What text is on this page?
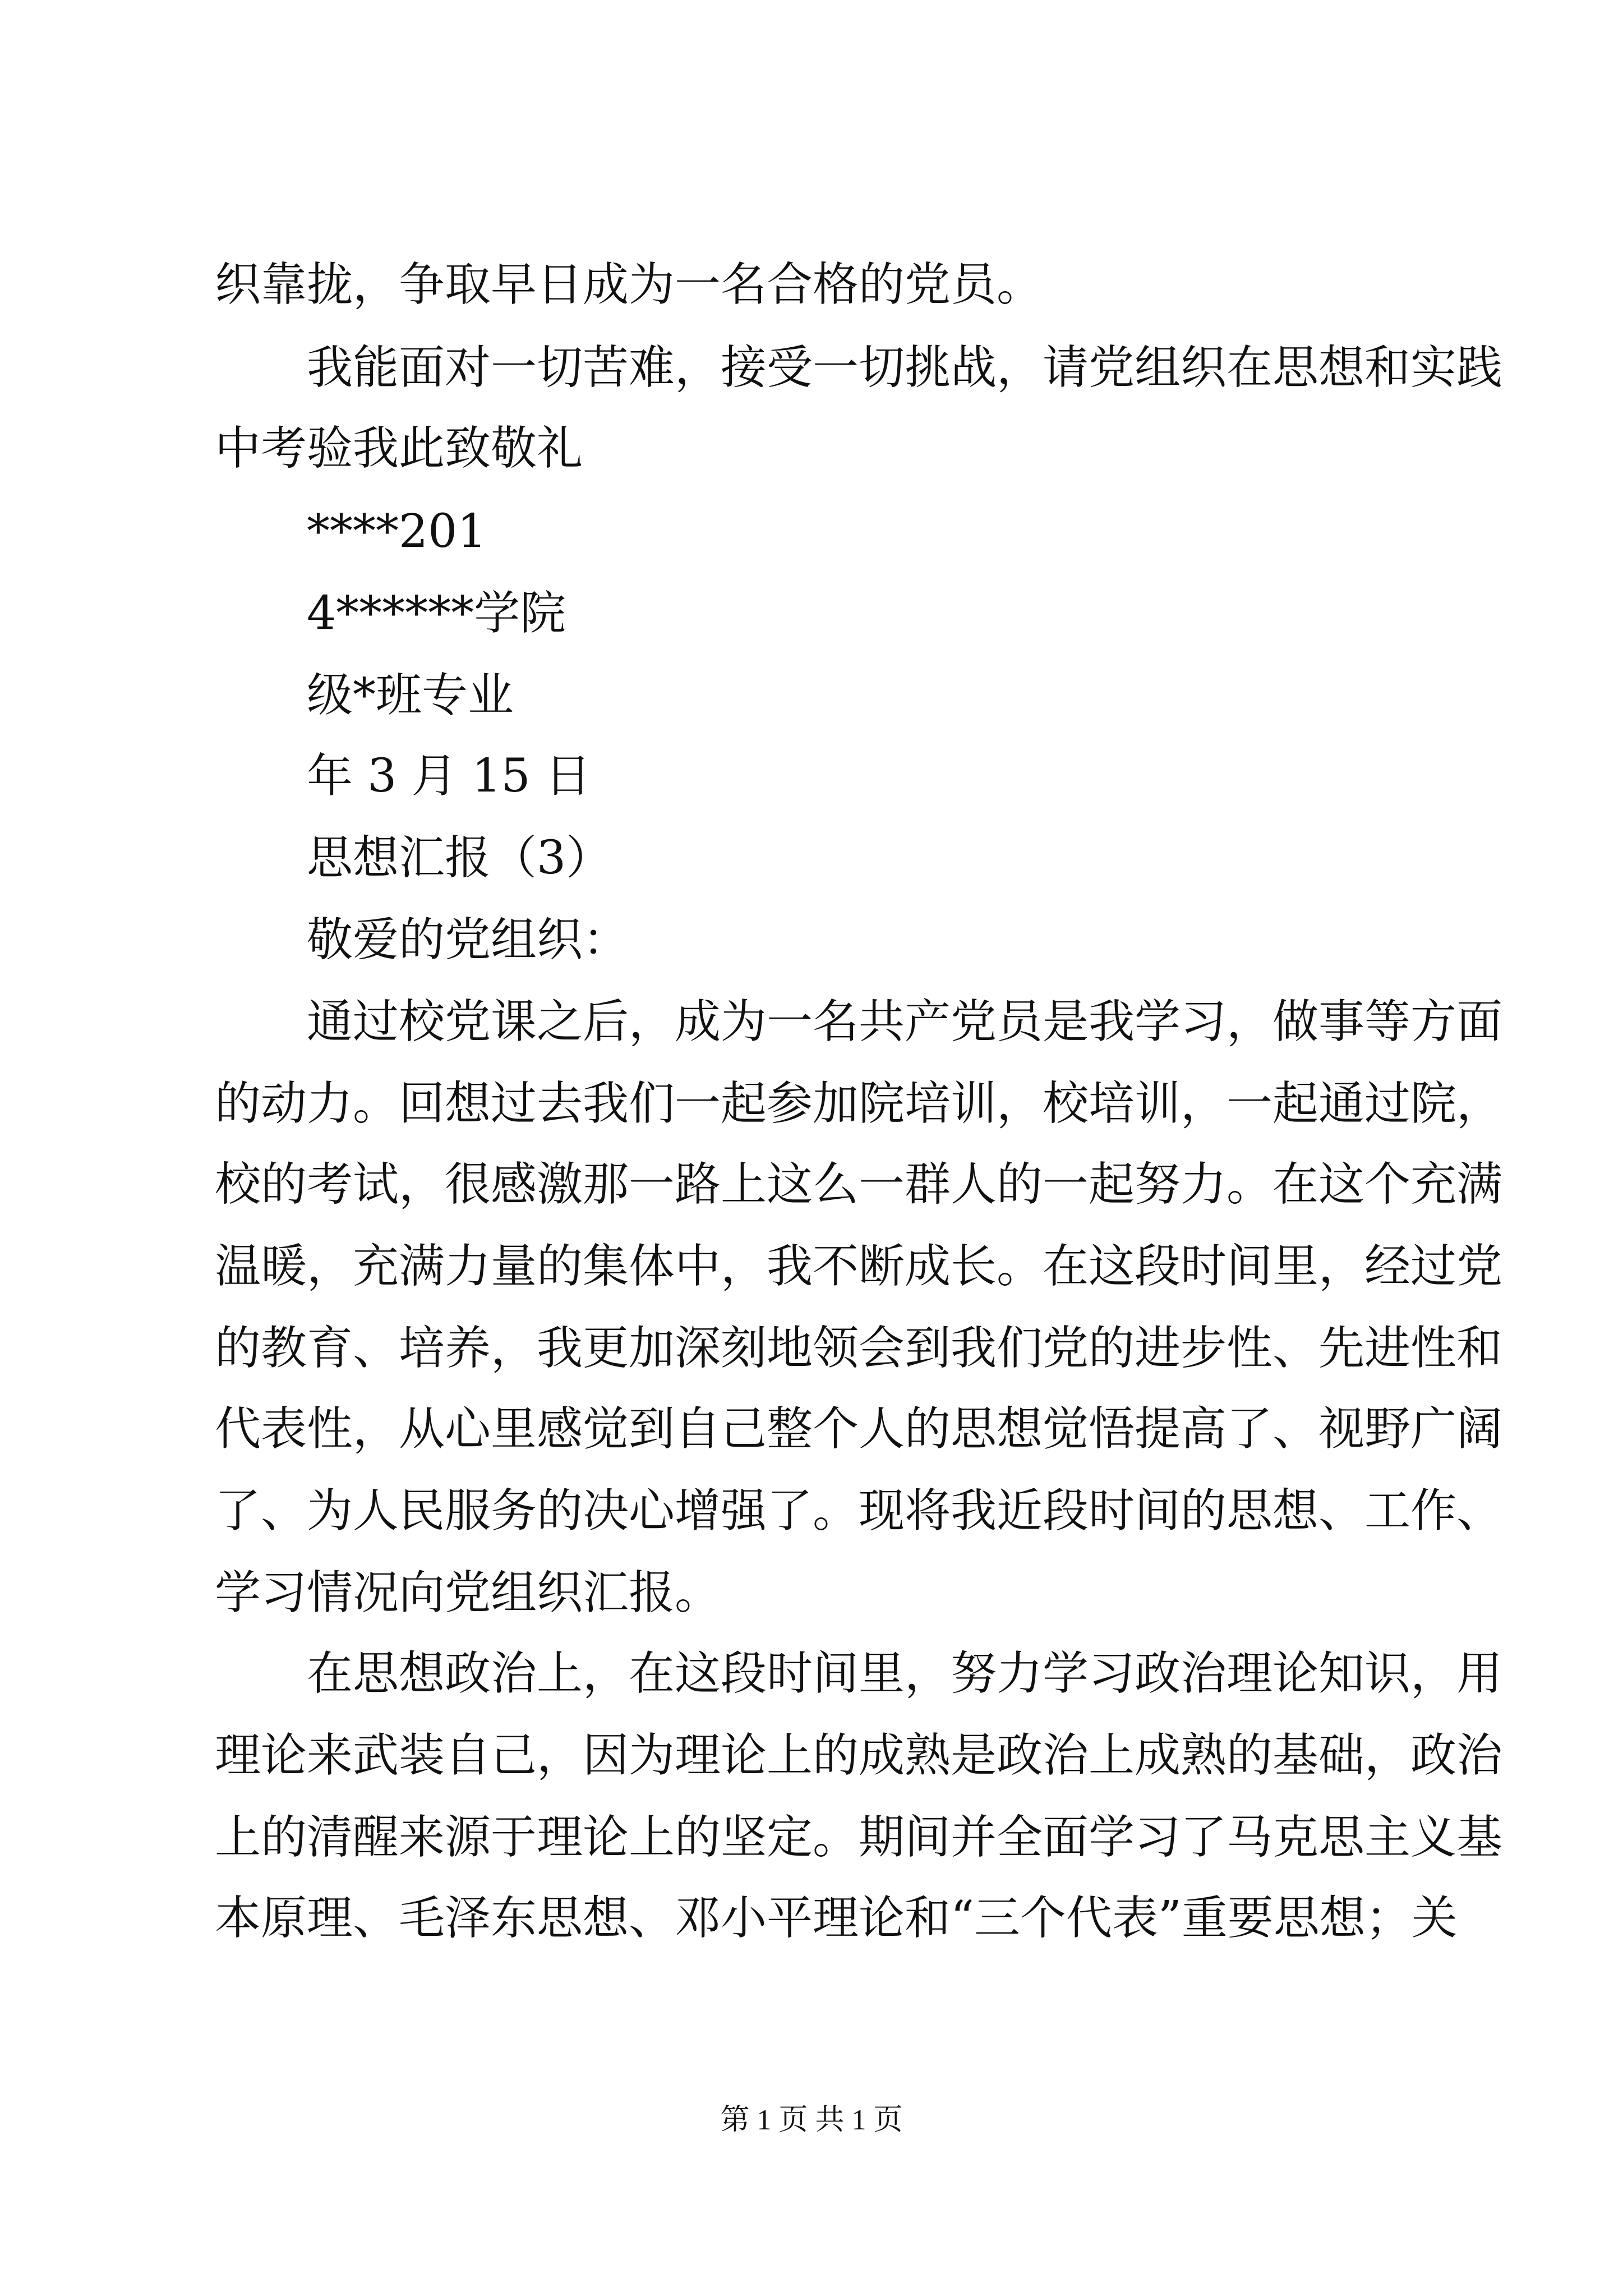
织靠拢，争取早日成为一名合格的党员。
我能面对一切苦难，接受一切挑战，请党组织在思想和实践
中考验我此致敬礼
****201
4******学院
级*班专业
年 3 月 15 日
思想汇报（3）
敬爱的党组织：
通过校党课之后，成为一名共产党员是我学习，做事等方面
的动力。回想过去我们一起参加院培训，校培训，一起通过院，
校的考试，很感激那一路上这么一群人的一起努力。在这个充满
温暖，充满力量的集体中，我不断成长。在这段时间里，经过党
的教育、培养，我更加深刻地领会到我们党的进步性、先进性和
代表性，从心里感觉到自己整个人的思想觉悟提高了、视野广阔
了、为人民服务的决心增强了。现将我近段时间的思想、工作、
学习情况向党组织汇报。
在思想政治上，在这段时间里，努力学习政治理论知识，用
理论来武装自己，因为理论上的成熟是政治上成熟的基础，政治
上的清醒来源于理论上的坚定。期间并全面学习了马克思主义基
本原理、毛泽东思想、邓小平理论和“三个代表”重要思想；关
第 1 页 共 1 页
